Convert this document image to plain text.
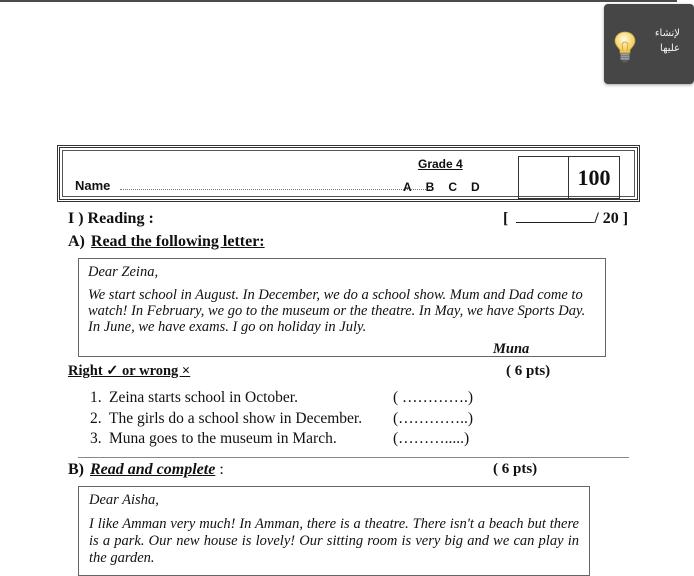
لإنشاء
عليها
Name
Grade 4
A B C D	100
I ) Reading :	[	/ 20 ]
A) Read the following letter:
Dear Zeina,
We start school in August. In December, we do a school show. Mum and Dad come to watch! In February, we go to the museum or the theatre. In May, we have Sports Day. In June, we have exams. I go on holiday in July.
Muna
Right ✓ or wrong ×	( 6 pts)
1. Zeina starts school in October.	( ………….)
2. The girls do a school show in December.	(…………..)
3. Muna goes to the museum in March.	(……….....)
B) Read and complete :	( 6 pts)
Dear Aisha,
I like Amman very much! In Amman, there is a theatre. There isn't a beach but there is a park. Our new house is lovely! Our sitting room is very big and we can play in the garden.
